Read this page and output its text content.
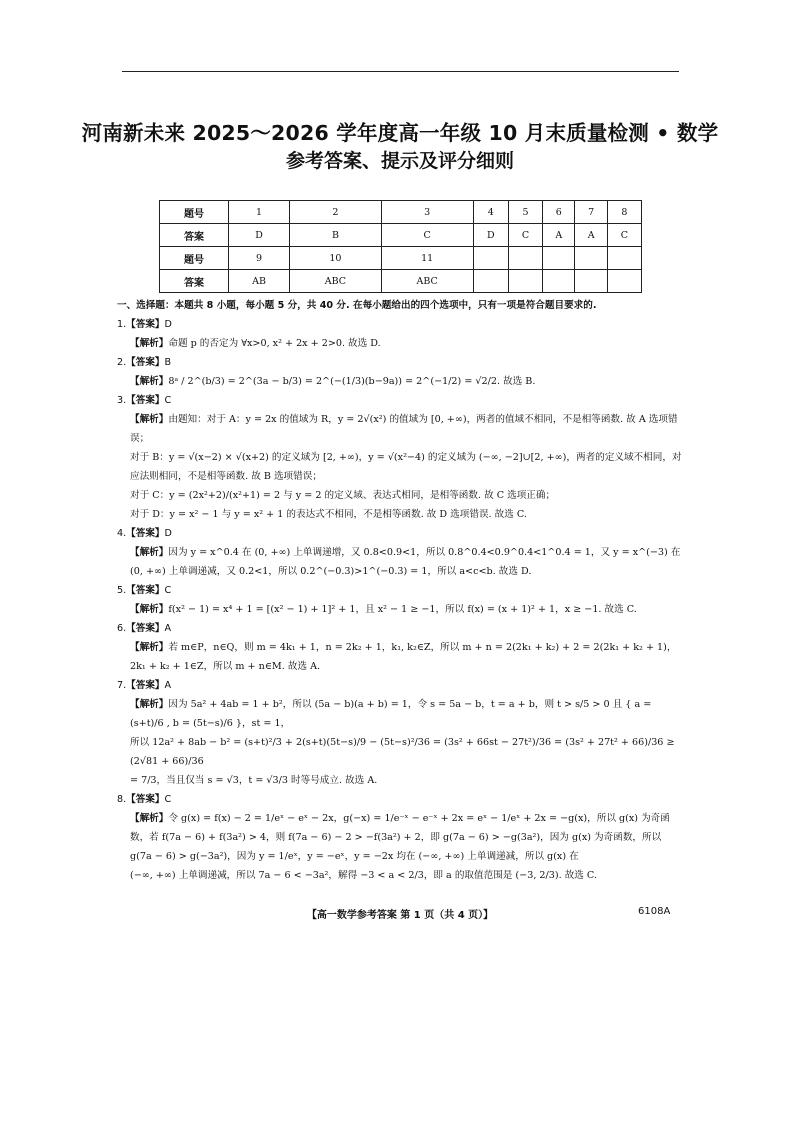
河南新未来 2025～2026 学年度高一年级 10 月末质量检测 • 数学
参考答案、提示及评分细则
题号	1	2	3	4	5	6	7	8
答案	D	B	C	D	C	A	A	C
题号	9	10	11					
答案	AB	ABC	ABC					
一、选择题：本题共 8 小题，每小题 5 分，共 40 分. 在每小题给出的四个选项中，只有一项是符合题目要求的.
1.【答案】D
【解析】命题 p 的否定为 ∀x>0, x² + 2x + 2>0. 故选 D.
2.【答案】B
【解析】8ᵃ / 2^(b/3) = 2^(3a − b/3) = 2^(−(1/3)(b−9a)) = 2^(−1/2) = √2/2. 故选 B.
3.【答案】C
【解析】由题知：对于 A：y = 2x 的值域为 R，y = 2√(x²) 的值域为 [0, +∞)，两者的值域不相同，不是相等函数. 故 A 选项错误；
对于 B：y = √(x−2) × √(x+2) 的定义域为 [2, +∞)，y = √(x²−4) 的定义域为 (−∞, −2]∪[2, +∞)，两者的定义域不相同，对应法则相同，不是相等函数. 故 B 选项错误；
对于 C：y = (2x²+2)/(x²+1) = 2 与 y = 2 的定义域、表达式相同，是相等函数. 故 C 选项正确；
对于 D：y = x² − 1 与 y = x² + 1 的表达式不相同，不是相等函数. 故 D 选项错误. 故选 C.
4.【答案】D
【解析】因为 y = x^0.4 在 (0, +∞) 上单调递增，又 0.8<0.9<1，所以 0.8^0.4<0.9^0.4<1^0.4 = 1，又 y = x^(−3) 在 (0, +∞) 上单调递减，又 0.2<1，所以 0.2^(−0.3)>1^(−0.3) = 1，所以 a<c<b. 故选 D.
5.【答案】C
【解析】f(x² − 1) = x⁴ + 1 = [(x² − 1) + 1]² + 1，且 x² − 1 ≥ −1，所以 f(x) = (x + 1)² + 1，x ≥ −1. 故选 C.
6.【答案】A
【解析】若 m∈P，n∈Q，则 m = 4k₁ + 1，n = 2k₂ + 1，k₁, k₂∈Z，所以 m + n = 2(2k₁ + k₂) + 2 = 2(2k₁ + k₂ + 1)，2k₁ + k₂ + 1∈Z，所以 m + n∈M. 故选 A.
7.【答案】A
【解析】因为 5a² + 4ab = 1 + b²，所以 (5a − b)(a + b) = 1，令 s = 5a − b，t = a + b，则 t > s/5 > 0 且 { a = (s+t)/6 , b = (5t−s)/6 }，st = 1，
所以 12a² + 8ab − b² = (s+t)²/3 + 2(s+t)(5t−s)/9 − (5t−s)²/36 = (3s² + 66st − 27t²)/36 = (3s² + 27t² + 66)/36 ≥ (2√81 + 66)/36
= 7/3，当且仅当 s = √3，t = √3/3 时等号成立. 故选 A.
8.【答案】C
【解析】令 g(x) = f(x) − 2 = 1/eˣ − eˣ − 2x，g(−x) = 1/e⁻ˣ − e⁻ˣ + 2x = eˣ − 1/eˣ + 2x = −g(x)，所以 g(x) 为奇函数，若 f(7a − 6) + f(3a²) > 4，则 f(7a − 6) − 2 > −f(3a²) + 2，即 g(7a − 6) > −g(3a²)，因为 g(x) 为奇函数，所以 g(7a − 6) > g(−3a²)，因为 y = 1/eˣ，y = −eˣ，y = −2x 均在 (−∞, +∞) 上单调递减，所以 g(x) 在
(−∞, +∞) 上单调递减，所以 7a − 6 < −3a²，解得 −3 < a < 2/3，即 a 的取值范围是 (−3, 2/3). 故选 C.
【高一数学参考答案 第 1 页（共 4 页）】	6108A
